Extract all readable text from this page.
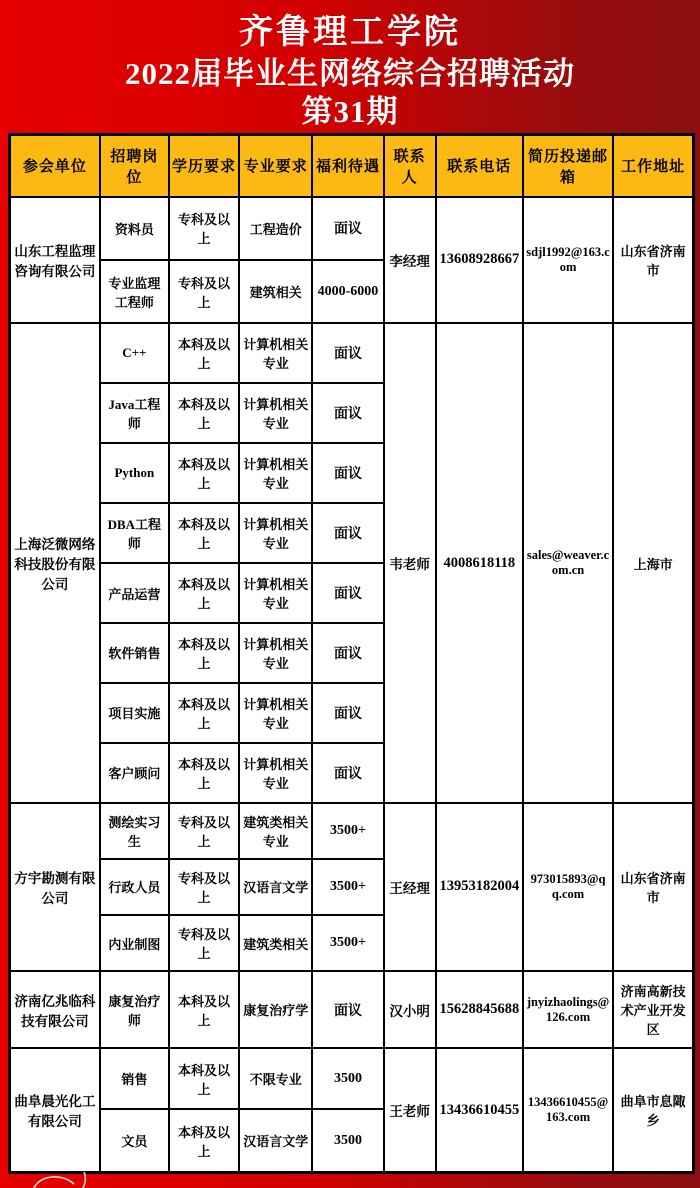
齐鲁理工学院
2022届毕业生网络综合招聘活动
第31期
参会单位	招聘岗位	学历要求	专业要求	福利待遇	联系人	联系电话	简历投递邮箱	工作地址
山东工程监理咨询有限公司	资料员	专科及以上	工程造价	面议	李经理	13608928667	sdjl1992@163.com	山东省济南市
	专业监理工程师	专科及以上	建筑相关	4000-6000				
上海泛微网络科技股份有限公司	C++	本科及以上	计算机相关专业	面议	韦老师	4008618118	sales@weaver.com.cn	上海市
	Java工程师	本科及以上	计算机相关专业	面议				
	Python	本科及以上	计算机相关专业	面议				
	DBA工程师	本科及以上	计算机相关专业	面议				
	产品运营	本科及以上	计算机相关专业	面议				
	软件销售	本科及以上	计算机相关专业	面议				
	项目实施	本科及以上	计算机相关专业	面议				
	客户顾问	本科及以上	计算机相关专业	面议				
方宇勘测有限公司	测绘实习生	专科及以上	建筑类相关专业	3500+	王经理	13953182004	973015893@qq.com	山东省济南市
	行政人员	专科及以上	汉语言文学	3500+				
	内业制图	专科及以上	建筑类相关	3500+				
济南亿兆临科技有限公司	康复治疗师	本科及以上	康复治疗学	面议	汉小明	15628845688	jnyizhaolings@126.com	济南高新技术产业开发区
曲阜晨光化工有限公司	销售	本科及以上	不限专业	3500	王老师	13436610455	13436610455@163.com	曲阜市息陬乡
	文员	本科及以上	汉语言文学	3500				
